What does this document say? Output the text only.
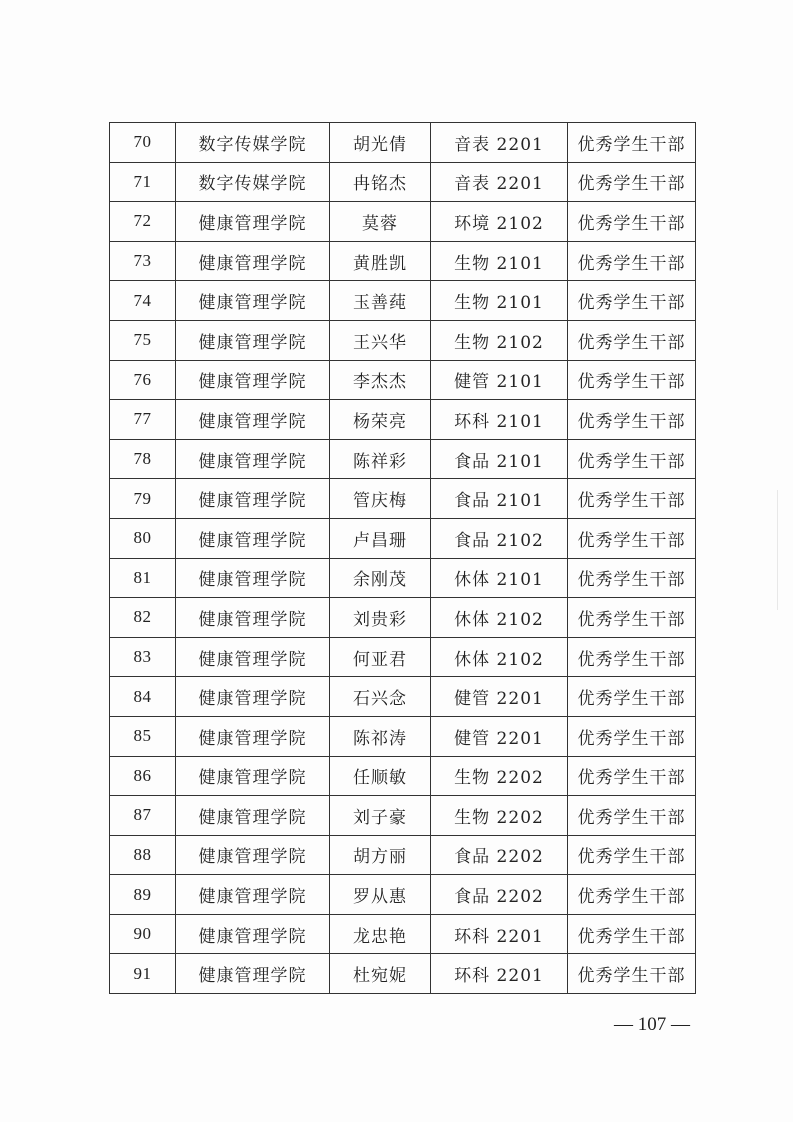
70	数字传媒学院	胡光倩	音表 2201	优秀学生干部
71	数字传媒学院	冉铭杰	音表 2201	优秀学生干部
72	健康管理学院	莫蓉	环境 2102	优秀学生干部
73	健康管理学院	黄胜凯	生物 2101	优秀学生干部
74	健康管理学院	玉善莼	生物 2101	优秀学生干部
75	健康管理学院	王兴华	生物 2102	优秀学生干部
76	健康管理学院	李杰杰	健管 2101	优秀学生干部
77	健康管理学院	杨荣亮	环科 2101	优秀学生干部
78	健康管理学院	陈祥彩	食品 2101	优秀学生干部
79	健康管理学院	管庆梅	食品 2101	优秀学生干部
80	健康管理学院	卢昌珊	食品 2102	优秀学生干部
81	健康管理学院	余刚茂	休体 2101	优秀学生干部
82	健康管理学院	刘贵彩	休体 2102	优秀学生干部
83	健康管理学院	何亚君	休体 2102	优秀学生干部
84	健康管理学院	石兴念	健管 2201	优秀学生干部
85	健康管理学院	陈祁涛	健管 2201	优秀学生干部
86	健康管理学院	任顺敏	生物 2202	优秀学生干部
87	健康管理学院	刘子豪	生物 2202	优秀学生干部
88	健康管理学院	胡方丽	食品 2202	优秀学生干部
89	健康管理学院	罗从惠	食品 2202	优秀学生干部
90	健康管理学院	龙忠艳	环科 2201	优秀学生干部
91	健康管理学院	杜宛妮	环科 2201	优秀学生干部
— 107 —
